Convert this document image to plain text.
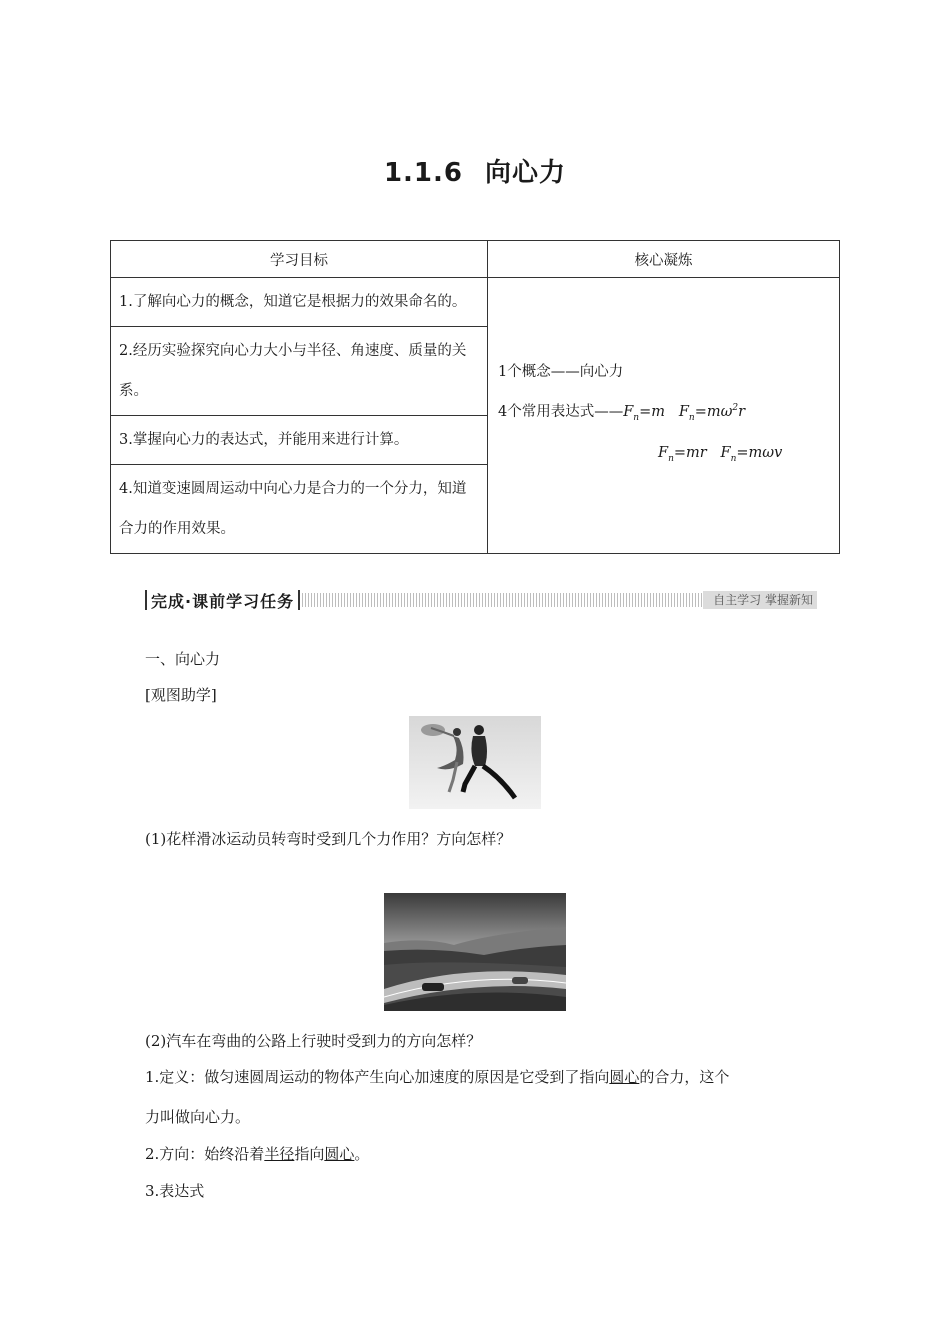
1.1.6 向心力
学习目标	核心凝炼
1.了解向心力的概念，知道它是根据力的效果命名的。	1个概念——向心力
4个常用表达式$——F_n=m$ $F_n=m\omega^2r$
$F_n=mr$ $F_n=m\omega v$

2.经历实验探究向心力大小与半径、角速度、质量的关系。	
3.掌握向心力的表达式，并能用来进行计算。	
4.知道变速圆周运动中向心力是合力的一个分力，知道合力的作用效果。	
完成·课前学习任务	自主学习 掌握新知
一、向心力
[观图助学]
(1)花样滑冰运动员转弯时受到几个力作用？方向怎样？
(2)汽车在弯曲的公路上行驶时受到力的方向怎样？
1.定义：做匀速圆周运动的物体产生向心加速度的原因是它受到了指向圆心的合力，这个
力叫做向心力。
2.方向：始终沿着半径指向圆心。
3.表达式
